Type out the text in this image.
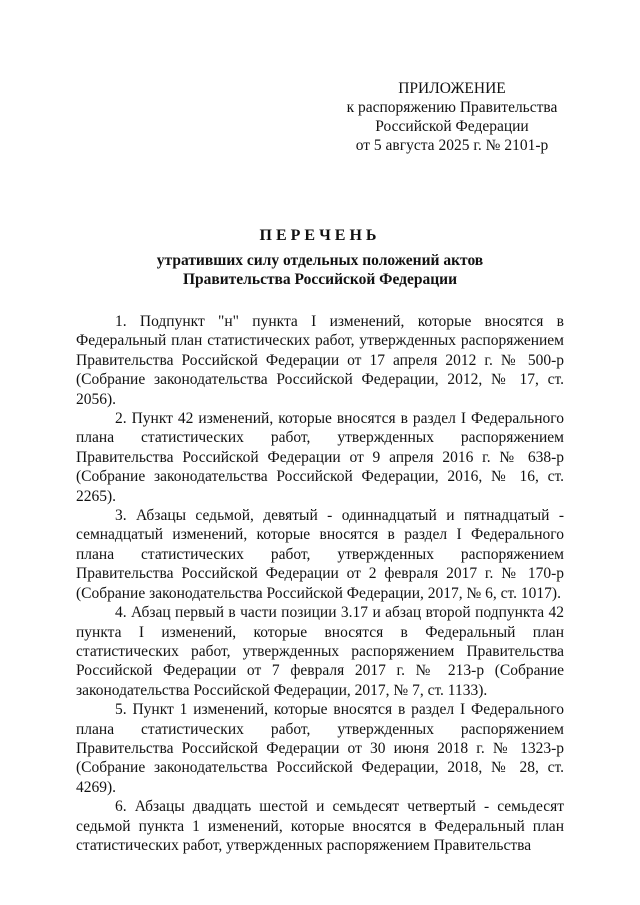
ПРИЛОЖЕНИЕ
к распоряжению Правительства
Российской Федерации
от 5 августа 2025 г. № 2101-р
ПЕРЕЧЕНЬ
утративших силу отдельных положений актов
Правительства Российской Федерации

1. Подпункт "н" пункта I изменений, которые вносятся в Федеральный план статистических работ, утвержденных распоряжением Правительства Российской Федерации от 17 апреля 2012 г. № 500-р (Собрание законодательства Российской Федерации, 2012, № 17, ст. 2056).

2. Пункт 42 изменений, которые вносятся в раздел I Федерального плана статистических работ, утвержденных распоряжением Правительства Российской Федерации от 9 апреля 2016 г. № 638-р (Собрание законодательства Российской Федерации, 2016, № 16, ст. 2265).

3. Абзацы седьмой, девятый - одиннадцатый и пятнадцатый - семнадцатый изменений, которые вносятся в раздел I Федерального плана статистических работ, утвержденных распоряжением Правительства Российской Федерации от 2 февраля 2017 г. № 170-р (Собрание законодательства Российской Федерации, 2017, № 6, ст. 1017).

4. Абзац первый в части позиции 3.17 и абзац второй подпункта 42 пункта I изменений, которые вносятся в Федеральный план статистических работ, утвержденных распоряжением Правительства Российской Федерации от 7 февраля 2017 г. № 213-р (Собрание законодательства Российской Федерации, 2017, № 7, ст. 1133).

5. Пункт 1 изменений, которые вносятся в раздел I Федерального плана статистических работ, утвержденных распоряжением Правительства Российской Федерации от 30 июня 2018 г. № 1323-р (Собрание законодательства Российской Федерации, 2018, № 28, ст. 4269).

6. Абзацы двадцать шестой и семьдесят четвертый - семьдесят седьмой пункта 1 изменений, которые вносятся в Федеральный план статистических работ, утвержденных распоряжением Правительства
